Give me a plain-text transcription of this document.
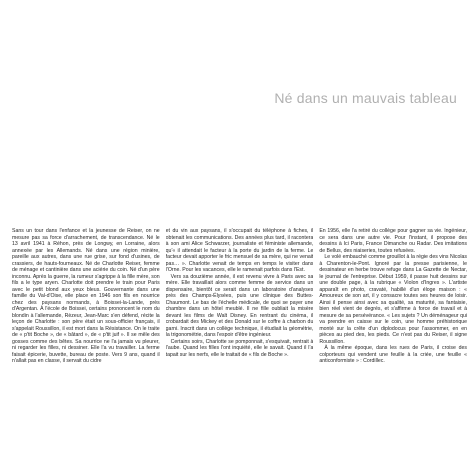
Né dans un mauvais tableau

Sans un tour dans l'enfance et la jeunesse de Reiser, on ne mesure pas sa force d'arrachement, de transcendance. Né le 13 avril 1941 à Réhon, près de Longwy, en Lorraine, alors annexée par les Allemands. Né dans une région minière, pareille aux autres, dans une rue grise, sur fond d'usines, de crassiers, de hauts-fourneaux. Né de Charlotte Reiser, femme de ménage et cantinière dans une aciérie du coin. Né d'un père inconnu. Après la guerre, la rumeur s'agrippe à la fille mère, son fils a le type aryen. Charlotte doit prendre le train pour Paris avec le petit blond aux yeux bleus. Gouvernante dans une famille du Val-d'Oise, elle place en 1946 son fils en nourrice chez des paysans normands, à Boissei-la-Lande, près d'Argentan. À l'école de Boissei, certains prononcent le nom du blondin à l'allemande, Rèzeur, Jean-Marc s'en défend, récite la leçon de Charlotte : son père était un sous-officier français, il s'appelait Roussillon, il est mort dans la Résistance. On le traite de « p'tit Boche », de « bâtard », de « p'tit juif ». Il se mêle des gosses comme des bêtes. Sa nourrice ne l'a jamais vu pleurer, ni regarder les filles, ni dessiner. Elle l'a vu travailler. La ferme faisait épicerie, buvette, bureau de poste. Vers 9 ans, quand il n'allait pas en classe, il servait du cidre

et du vin aux paysans, il s'occupait du téléphone à fiches, il obtenait les communications. Des années plus tard, il racontera à son ami Alice Schwarzer, journaliste et féministe allemande, qu'« il attendait le facteur à la porte du jardin de la ferme. Le facteur devait apporter le fric mensuel de sa mère, qui ne venait pas… ». Charlotte venait de temps en temps le visiter dans l'Orne. Pour les vacances, elle le ramenait parfois dans l'Est.

Vers sa douzième année, il est revenu vivre à Paris avec sa mère. Elle travaillait alors comme femme de service dans un dispensaire, bientôt ce serait dans un laboratoire d'analyses près des Champs-Élysées, puis une clinique des Buttes-Chaumont. Le bas de l'échelle médicale, de quoi se payer une chambre dans un hôtel meublé. Il ne fille oubliait la misère devant les films de Walt Disney. En rentrant du cinéma, il crobardait des Mickey et des Donald sur le coffre à charbon du garni. Inscrit dans un collège technique, il étudiait la géométrie, la trigonométrie, dans l'espoir d'être ingénieur.

Certains soirs, Charlotte se pomponnait, s'esquivait, rentrait à l'aube. Quand les filles l'ont inquiété, elle le savait. Quand il l'a tapait sur les nerfs, elle le traitait de « fils de Boche ».

En 1956, elle l'a retiré du collège pour gagner sa vie. Ingénieur, ce sera dans une autre vie. Pour l'instant, il propose des dessins à Ici Paris, France Dimanche ou Radar. Des imitations de Bellus, des niaiseries, toutes refusées.

Le volé embauché comme grouillot à la régie des vins Nicolas à Charenton-le-Pont. Ignoré par la presse parisienne, le dessinateur en herbe trouve refuge dans La Gazette de Nectar, le journal de l'entreprise. Début 1959, il passe huit dessins sur une double page, à la rubrique « Violon d'Ingres ». L'artiste apparaît en photo, cravaté, habillé d'un éloge maison : « Amoureux de son art, il y consacre toutes ses heures de loisir. Ainsi il pense ainsi avec sa qualité, sa maturité, sa fantaisie, bien réel vient de degrés, et s'affirme à force de travail et à mesure de sa persévérance. « Les sujets ? Un déménageur qui va prendre en caisse sur le coin, une homme préhistorique monté sur la crête d'un diplodocus pour l'assommer, en en pièces au pied des, les pieds. Ce n'est pas du Reiser, il signe Roussillon.

À la même époque, dans les rues de Paris, il croise des colporteurs qui vendent une feuille à la criée, une feuille « anticonformiste » : Cordillec.
